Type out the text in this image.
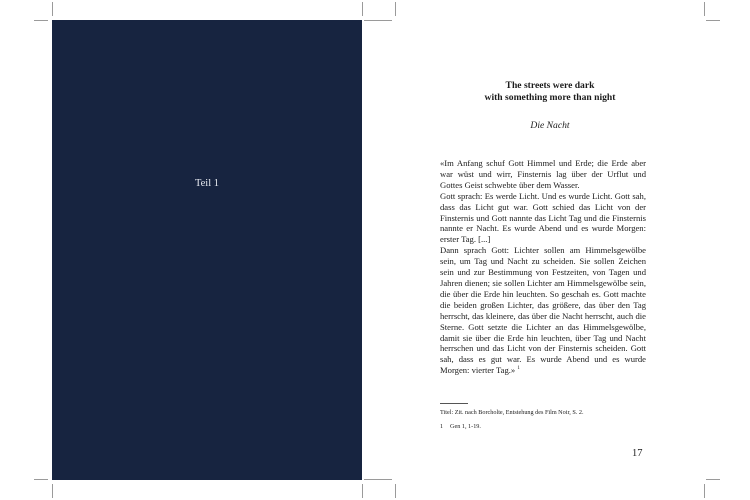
Teil 1
The streets were dark
with something more than night
Die Nacht

«Im Anfang schuf Gott Himmel und Erde; die Erde aber war wüst und wirr, Finsternis lag über der Urflut und Gottes Geist schwebte über dem Wasser.

Gott sprach: Es werde Licht. Und es wurde Licht. Gott sah, dass das Licht gut war. Gott schied das Licht von der Finsternis und Gott nannte das Licht Tag und die Finsternis nannte er Nacht. Es wurde Abend und es wurde Morgen: erster Tag. [...]

Dann sprach Gott: Lichter sollen am Himmelsgewölbe sein, um Tag und Nacht zu scheiden. Sie sollen Zeichen sein und zur Bestimmung von Festzeiten, von Tagen und Jahren dienen; sie sollen Lichter am Himmelsgewölbe sein, die über die Erde hin leuchten. So geschah es. Gott machte die beiden großen Lichter, das größere, das über den Tag herrscht, das kleinere, das über die Nacht herrscht, auch die Sterne. Gott setzte die Lichter an das Himmelsgewölbe, damit sie über die Erde hin leuchten, über Tag und Nacht herrschen und das Licht von der Finsternis scheiden. Gott sah, dass es gut war. Es wurde Abend und es wurde Morgen: vierter Tag.» $^1$

Titel: Zit. nach Borcholte, Entstehung des Film Noir, S. 2.
1 Gen 1, 1-19.
17
